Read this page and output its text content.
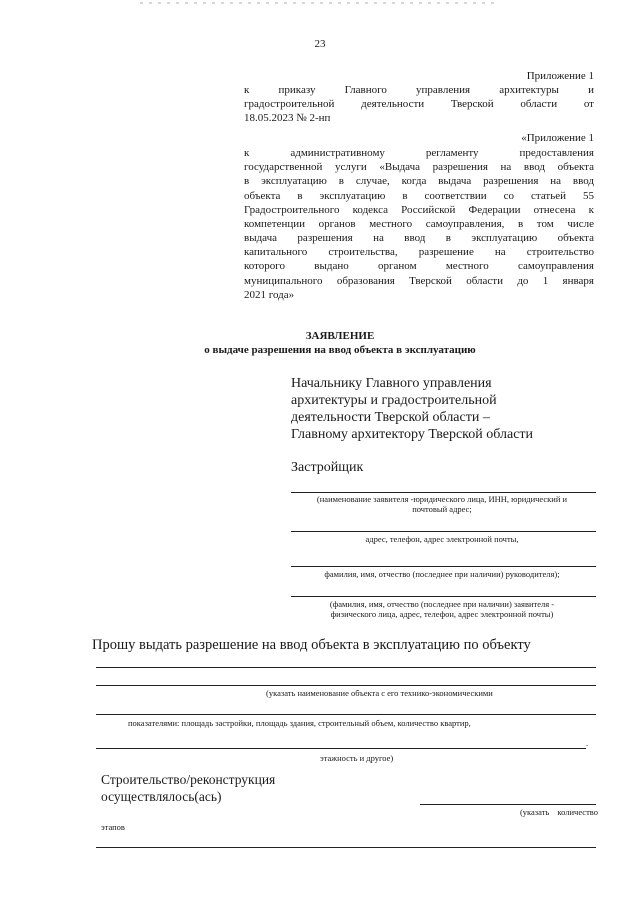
23
Приложение 1
к приказу Главного управления архитектуры и
градостроительной деятельности Тверской области от
18.05.2023 № 2-нп
«Приложение 1
к административному регламенту предоставления
государственной услуги «Выдача разрешения на ввод объекта
в эксплуатацию в случае, когда выдача разрешения на ввод
объекта в эксплуатацию в соответствии со статьей 55
Градостроительного кодекса Российской Федерации отнесена к
компетенции органов местного самоуправления, в том числе
выдача разрешения на ввод в эксплуатацию объекта
капитального строительства, разрешение на строительство
которого выдано органом местного самоуправления
муниципального образования Тверской области до 1 января
2021 года»
ЗАЯВЛЕНИЕ
о выдаче разрешения на ввод объекта в эксплуатацию
Начальнику Главного управления
архитектуры и градостроительной
деятельности Тверской области –
Главному архитектору Тверской области
Застройщик
(наименование заявителя -юридического лица, ИНН, юридический и
почтовый адрес;
адрес, телефон, адрес электронной почты,
фамилия, имя, отчество (последнее при наличии) руководителя);
(фамилия, имя, отчество (последнее при наличии) заявителя -
физического лица, адрес, телефон, адрес электронной почты)
Прошу выдать разрешение на ввод объекта в эксплуатацию по объекту
(указать наименование объекта с его технико-экономическими
показателями: площадь застройки, площадь здания, строительный объем, количество квартир,
.
этажность и другое)
Строительство/реконструкция
осуществлялось(ась)
(указать количество
этапов
